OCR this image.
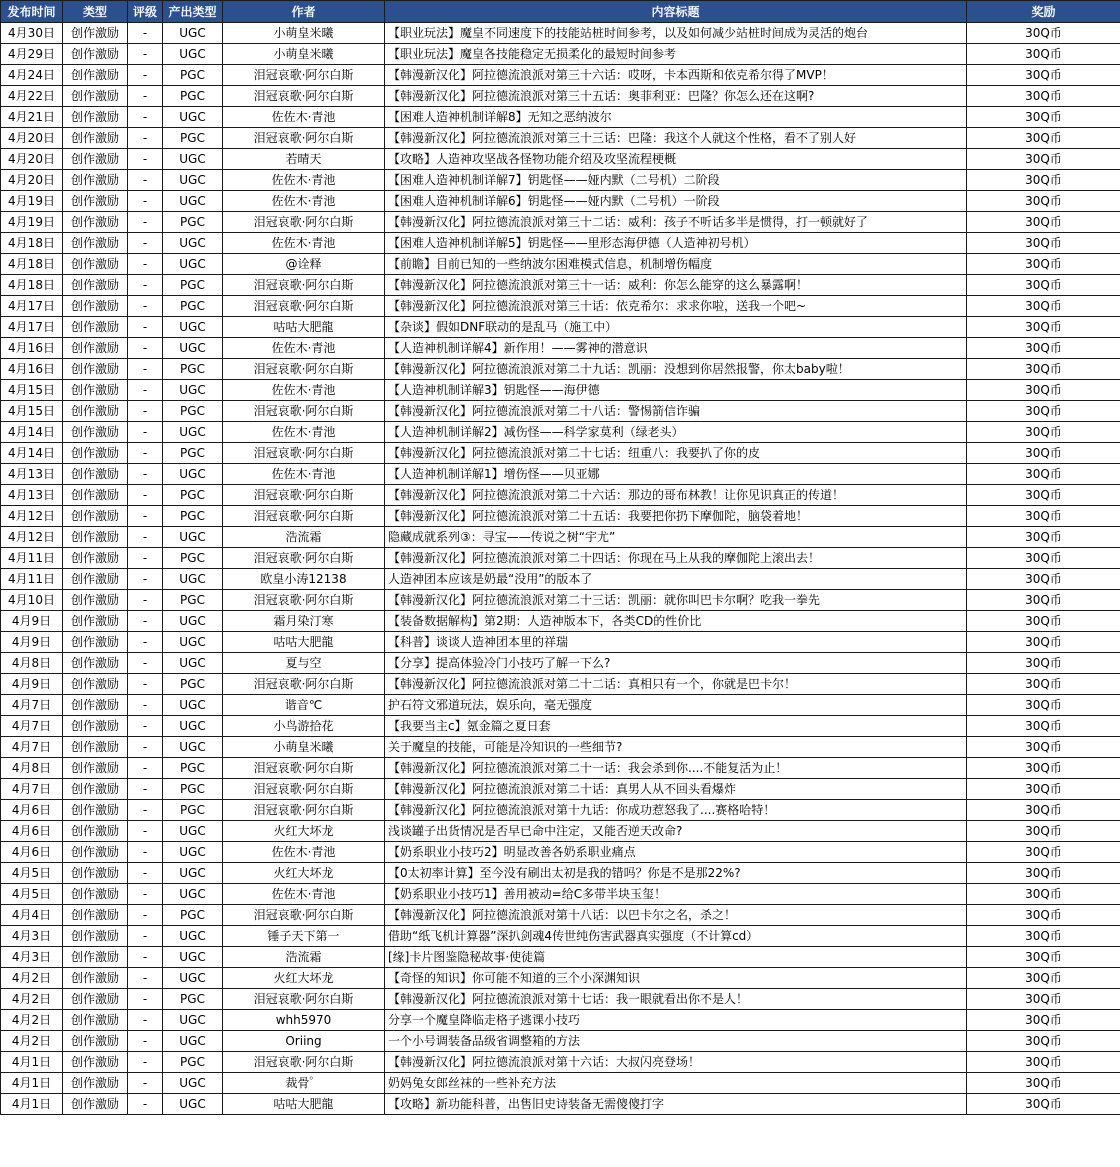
发布时间	类型	评级	产出类型	作者	内容标题	奖励
4月30日	创作激励	-	UGC	小萌皇米曦	【职业玩法】魔皇不同速度下的技能站桩时间参考，以及如何减少站桩时间成为灵活的炮台	30Q币
4月29日	创作激励	-	UGC	小萌皇米曦	【职业玩法】魔皇各技能稳定无损柔化的最短时间参考	30Q币
4月24日	创作激励	-	PGC	泪冠哀歌·阿尔白斯	【韩漫新汉化】阿拉德流浪派对第三十六话：哎呀，卡本西斯和依克希尔得了MVP！	30Q币
4月22日	创作激励	-	PGC	泪冠哀歌·阿尔白斯	【韩漫新汉化】阿拉德流浪派对第三十五话：奥菲利亚：巴隆？你怎么还在这啊?	30Q币
4月21日	创作激励	-	UGC	佐佐木·青池	【困难人造神机制详解8】无知之恶纳波尔	30Q币
4月20日	创作激励	-	PGC	泪冠哀歌·阿尔白斯	【韩漫新汉化】阿拉德流浪派对第三十三话：巴隆：我这个人就这个性格，看不了别人好	30Q币
4月20日	创作激励	-	UGC	若晴天	【攻略】人造神攻坚战各怪物功能介绍及攻坚流程梗概	30Q币
4月20日	创作激励	-	UGC	佐佐木·青池	【困难人造神机制详解7】钥匙怪——娅内默（二号机）二阶段	30Q币
4月19日	创作激励	-	UGC	佐佐木·青池	【困难人造神机制详解6】钥匙怪——娅内默（二号机）一阶段	30Q币
4月19日	创作激励	-	PGC	泪冠哀歌·阿尔白斯	【韩漫新汉化】阿拉德流浪派对第三十二话：威利：孩子不听话多半是惯得，打一顿就好了	30Q币
4月18日	创作激励	-	UGC	佐佐木·青池	【困难人造神机制详解5】钥匙怪——里形态海伊德（人造神初号机）	30Q币
4月18日	创作激励	-	UGC	@诠释	【前瞻】目前已知的一些纳波尔困难模式信息，机制增伤幅度	30Q币
4月18日	创作激励	-	PGC	泪冠哀歌·阿尔白斯	【韩漫新汉化】阿拉德流浪派对第三十一话：威利：你怎么能穿的这么暴露啊！	30Q币
4月17日	创作激励	-	PGC	泪冠哀歌·阿尔白斯	【韩漫新汉化】阿拉德流浪派对第三十话：依克希尔：求求你啦，送我一个吧~	30Q币
4月17日	创作激励	-	UGC	咕咕大肥龍	【杂谈】假如DNF联动的是乱马（施工中）	30Q币
4月16日	创作激励	-	UGC	佐佐木·青池	【人造神机制详解4】新作用！——雾神的潜意识	30Q币
4月16日	创作激励	-	PGC	泪冠哀歌·阿尔白斯	【韩漫新汉化】阿拉德流浪派对第二十九话：凯丽：没想到你居然报警，你太baby啦！	30Q币
4月15日	创作激励	-	UGC	佐佐木·青池	【人造神机制详解3】钥匙怪——海伊德	30Q币
4月15日	创作激励	-	PGC	泪冠哀歌·阿尔白斯	【韩漫新汉化】阿拉德流浪派对第二十八话：警惕箭信诈骗	30Q币
4月14日	创作激励	-	UGC	佐佐木·青池	【人造神机制详解2】减伤怪——科学家莫利（绿老头）	30Q币
4月14日	创作激励	-	PGC	泪冠哀歌·阿尔白斯	【韩漫新汉化】阿拉德流浪派对第二十七话：纽重八：我要扒了你的皮	30Q币
4月13日	创作激励	-	UGC	佐佐木·青池	【人造神机制详解1】增伤怪——贝亚娜	30Q币
4月13日	创作激励	-	PGC	泪冠哀歌·阿尔白斯	【韩漫新汉化】阿拉德流浪派对第二十六话：那边的哥布林教！让你见识真正的传道！	30Q币
4月12日	创作激励	-	PGC	泪冠哀歌·阿尔白斯	【韩漫新汉化】阿拉德流浪派对第二十五话：我要把你扔下摩伽陀，脑袋着地！	30Q币
4月12日	创作激励	-	UGC	浩流霜	隐藏成就系列③：寻宝——传说之树“宇尤”	30Q币
4月11日	创作激励	-	PGC	泪冠哀歌·阿尔白斯	【韩漫新汉化】阿拉德流浪派对第二十四话：你现在马上从我的摩伽陀上滚出去！	30Q币
4月11日	创作激励	-	UGC	欧皇小涛12138	人造神团本应该是奶最“没用”的版本了	30Q币
4月10日	创作激励	-	PGC	泪冠哀歌·阿尔白斯	【韩漫新汉化】阿拉德流浪派对第二十三话：凯丽：就你叫巴卡尔啊？吃我一拳先	30Q币
4月9日	创作激励	-	UGC	霜月染汀寒	【装备数据解构】第2期：人造神版本下，各类CD的性价比	30Q币
4月9日	创作激励	-	UGC	咕咕大肥龍	【科普】谈谈人造神团本里的祥瑞	30Q币
4月8日	创作激励	-	UGC	夏与空	【分享】提高体验冷门小技巧了解一下么?	30Q币
4月9日	创作激励	-	PGC	泪冠哀歌·阿尔白斯	【韩漫新汉化】阿拉德流浪派对第二十二话：真相只有一个，你就是巴卡尔！	30Q币
4月7日	创作激励	-	UGC	谐音℃	护石符文邪道玩法，娱乐向，毫无强度	30Q币
4月7日	创作激励	-	UGC	小鸟游拾花	【我要当主c】氪金篇之夏日套	30Q币
4月7日	创作激励	-	UGC	小萌皇米曦	关于魔皇的技能，可能是冷知识的一些细节?	30Q币
4月8日	创作激励	-	PGC	泪冠哀歌·阿尔白斯	【韩漫新汉化】阿拉德流浪派对第二十一话：我会杀到你....不能复活为止！	30Q币
4月7日	创作激励	-	PGC	泪冠哀歌·阿尔白斯	【韩漫新汉化】阿拉德流浪派对第二十话：真男人从不回头看爆炸	30Q币
4月6日	创作激励	-	PGC	泪冠哀歌·阿尔白斯	【韩漫新汉化】阿拉德流浪派对第十九话：你成功惹怒我了....赛格哈特！	30Q币
4月6日	创作激励	-	UGC	火红大坏龙	浅谈罐子出货情况是否早已命中注定，又能否逆天改命?	30Q币
4月6日	创作激励	-	UGC	佐佐木·青池	【奶系职业小技巧2】明显改善各奶系职业痛点	30Q币
4月5日	创作激励	-	UGC	火红大坏龙	【0太初率计算】至今没有刷出太初是我的错吗？你是不是那22%?	30Q币
4月5日	创作激励	-	UGC	佐佐木·青池	【奶系职业小技巧1】善用被动=给C多带半块玉玺！	30Q币
4月4日	创作激励	-	PGC	泪冠哀歌·阿尔白斯	【韩漫新汉化】阿拉德流浪派对第十八话：以巴卡尔之名，杀之！	30Q币
4月3日	创作激励	-	UGC	锤子天下第一	借助“纸飞机计算器”深扒剑魂4传世纯伤害武器真实强度（不计算cd）	30Q币
4月3日	创作激励	-	UGC	浩流霜	[缘]卡片图鉴隐秘故事·使徒篇	30Q币
4月2日	创作激励	-	UGC	火红大坏龙	【奇怪的知识】你可能不知道的三个小深渊知识	30Q币
4月2日	创作激励	-	PGC	泪冠哀歌·阿尔白斯	【韩漫新汉化】阿拉德流浪派对第十七话：我一眼就看出你不是人！	30Q币
4月2日	创作激励	-	UGC	whh5970	分享一个魔皇降临走格子逃课小技巧	30Q币
4月2日	创作激励	-	UGC	Oriing	一个小号调装备品级省调整箱的方法	30Q币
4月1日	创作激励	-	PGC	泪冠哀歌·阿尔白斯	【韩漫新汉化】阿拉德流浪派对第十六话：大叔闪亮登场！	30Q币
4月1日	创作激励	-	UGC	裁骨゜	奶妈兔女郎丝袜的一些补充方法	30Q币
4月1日	创作激励	-	UGC	咕咕大肥龍	【攻略】新功能科普，出售旧史诗装备无需傻傻打字	30Q币
